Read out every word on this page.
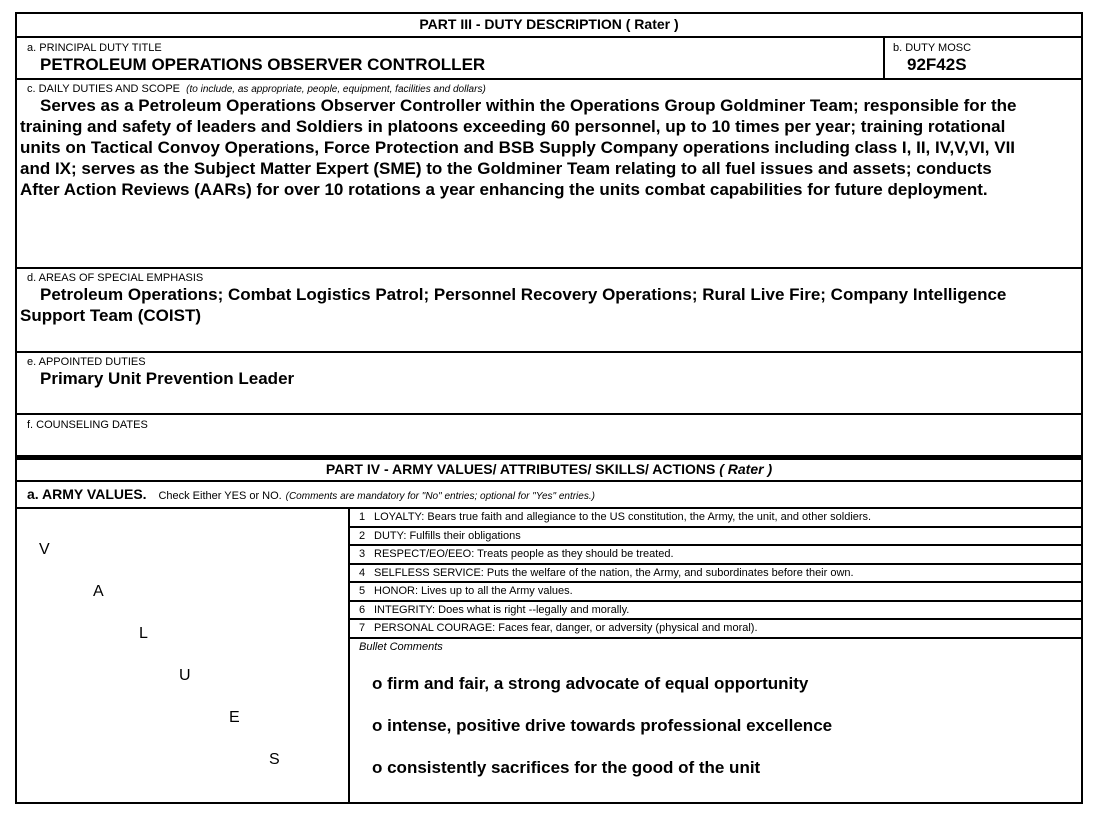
PART III - DUTY DESCRIPTION ( Rater )
a. PRINCIPAL DUTY TITLE
PETROLEUM OPERATIONS OBSERVER CONTROLLER
b. DUTY MOSC
92F42S
c. DAILY DUTIES AND SCOPE (to include, as appropriate, people, equipment, facilities and dollars)
Serves as a Petroleum Operations Observer Controller within the Operations Group Goldminer Team; responsible for the
training and safety of leaders and Soldiers in platoons exceeding 60 personnel, up to 10 times per year; training rotational
units on Tactical Convoy Operations, Force Protection and BSB Supply Company operations including class I, II, IV,V,VI, VII
and IX; serves as the Subject Matter Expert (SME) to the Goldminer Team relating to all fuel issues and assets; conducts
After Action Reviews (AARs) for over 10 rotations a year enhancing the units combat capabilities for future deployment.
d. AREAS OF SPECIAL EMPHASIS
Petroleum Operations; Combat Logistics Patrol; Personnel Recovery Operations; Rural Live Fire; Company Intelligence
Support Team (COIST)
e. APPOINTED DUTIES
Primary Unit Prevention Leader
f. COUNSELING DATES
PART IV - ARMY VALUES/ ATTRIBUTES/ SKILLS/ ACTIONS ( Rater )
a. ARMY VALUES. Check Either YES or NO. (Comments are mandatory for "No" entries; optional for "Yes" entries.)
V
A
L
U
E
S
1 LOYALTY: Bears true faith and allegiance to the US constitution, the Army, the unit, and other soldiers.
2 DUTY: Fulfills their obligations
3 RESPECT/EO/EEO: Treats people as they should be treated.
4 SELFLESS SERVICE: Puts the welfare of the nation, the Army, and subordinates before their own.
5 HONOR: Lives up to all the Army values.
6 INTEGRITY: Does what is right --legally and morally.
7 PERSONAL COURAGE: Faces fear, danger, or adversity (physical and moral).
Bullet Comments
o firm and fair, a strong advocate of equal opportunity
o intense, positive drive towards professional excellence
o consistently sacrifices for the good of the unit
